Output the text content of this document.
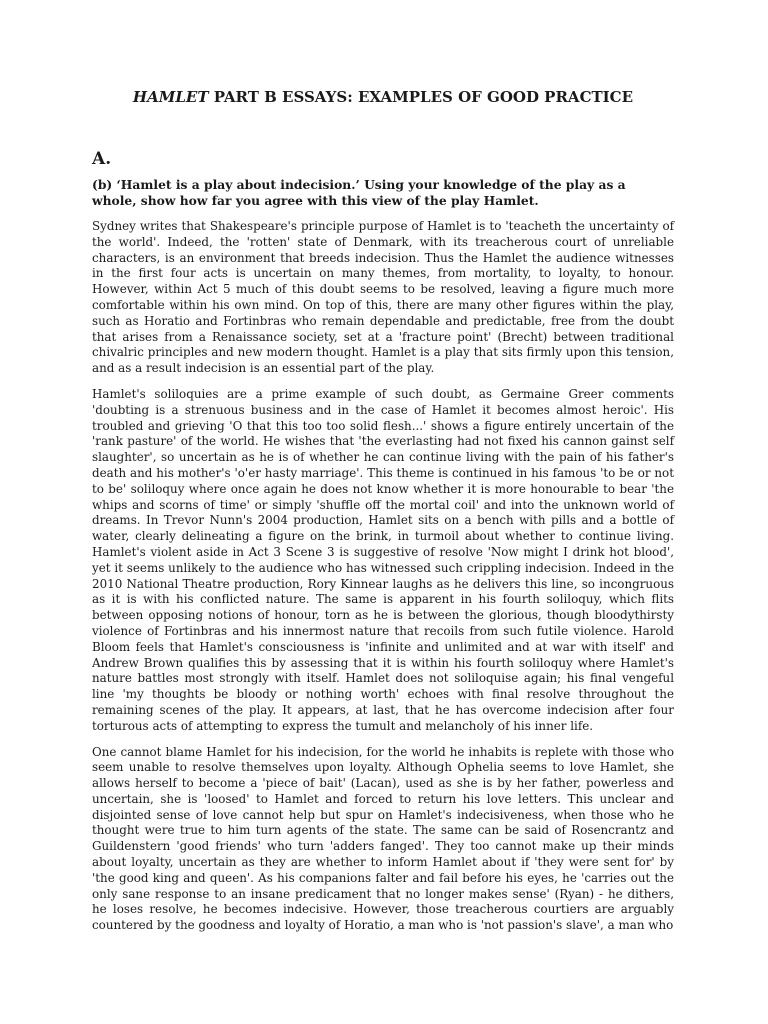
HAMLET PART B ESSAYS: EXAMPLES OF GOOD PRACTICE
A.

(b) ‘Hamlet is a play about indecision.’ Using your knowledge of the play as a whole, show how far you agree with this view of the play Hamlet.

Sydney writes that Shakespeare's principle purpose of Hamlet is to 'teacheth the uncertainty of the world'. Indeed, the 'rotten' state of Denmark, with its treacherous court of unreliable characters, is an environment that breeds indecision. Thus the Hamlet the audience witnesses in the first four acts is uncertain on many themes, from mortality, to loyalty, to honour. However, within Act 5 much of this doubt seems to be resolved, leaving a figure much more comfortable within his own mind. On top of this, there are many other figures within the play, such as Horatio and Fortinbras who remain dependable and predictable, free from the doubt that arises from a Renaissance society, set at a 'fracture point' (Brecht) between traditional chivalric principles and new modern thought. Hamlet is a play that sits firmly upon this tension, and as a result indecision is an essential part of the play.

Hamlet's soliloquies are a prime example of such doubt, as Germaine Greer comments 'doubting is a strenuous business and in the case of Hamlet it becomes almost heroic'. His troubled and grieving 'O that this too too solid flesh...' shows a figure entirely uncertain of the 'rank pasture' of the world. He wishes that 'the everlasting had not fixed his cannon gainst self slaughter', so uncertain as he is of whether he can continue living with the pain of his father's death and his mother's 'o'er hasty marriage'. This theme is continued in his famous 'to be or not to be' soliloquy where once again he does not know whether it is more honourable to bear 'the whips and scorns of time' or simply 'shuffle off the mortal coil' and into the unknown world of dreams. In Trevor Nunn's 2004 production, Hamlet sits on a bench with pills and a bottle of water, clearly delineating a figure on the brink, in turmoil about whether to continue living. Hamlet's violent aside in Act 3 Scene 3 is suggestive of resolve 'Now might I drink hot blood', yet it seems unlikely to the audience who has witnessed such crippling indecision. Indeed in the 2010 National Theatre production, Rory Kinnear laughs as he delivers this line, so incongruous as it is with his conflicted nature. The same is apparent in his fourth soliloquy, which flits between opposing notions of honour, torn as he is between the glorious, though bloodythirsty violence of Fortinbras and his innermost nature that recoils from such futile violence. Harold Bloom feels that Hamlet's consciousness is 'infinite and unlimited and at war with itself' and Andrew Brown qualifies this by assessing that it is within his fourth soliloquy where Hamlet's nature battles most strongly with itself. Hamlet does not soliloquise again; his final vengeful line 'my thoughts be bloody or nothing worth' echoes with final resolve throughout the remaining scenes of the play. It appears, at last, that he has overcome indecision after four torturous acts of attempting to express the tumult and melancholy of his inner life.

One cannot blame Hamlet for his indecision, for the world he inhabits is replete with those who seem unable to resolve themselves upon loyalty. Although Ophelia seems to love Hamlet, she allows herself to become a 'piece of bait' (Lacan), used as she is by her father, powerless and uncertain, she is 'loosed' to Hamlet and forced to return his love letters. This unclear and disjointed sense of love cannot help but spur on Hamlet's indecisiveness, when those who he thought were true to him turn agents of the state. The same can be said of Rosencrantz and Guildenstern 'good friends' who turn 'adders fanged'. They too cannot make up their minds about loyalty, uncertain as they are whether to inform Hamlet about if 'they were sent for' by 'the good king and queen'. As his companions falter and fail before his eyes, he 'carries out the only sane response to an insane predicament that no longer makes sense' (Ryan) - he dithers, he loses resolve, he becomes indecisive. However, those treacherous courtiers are arguably countered by the goodness and loyalty of Horatio, a man who is 'not passion's slave', a man who
